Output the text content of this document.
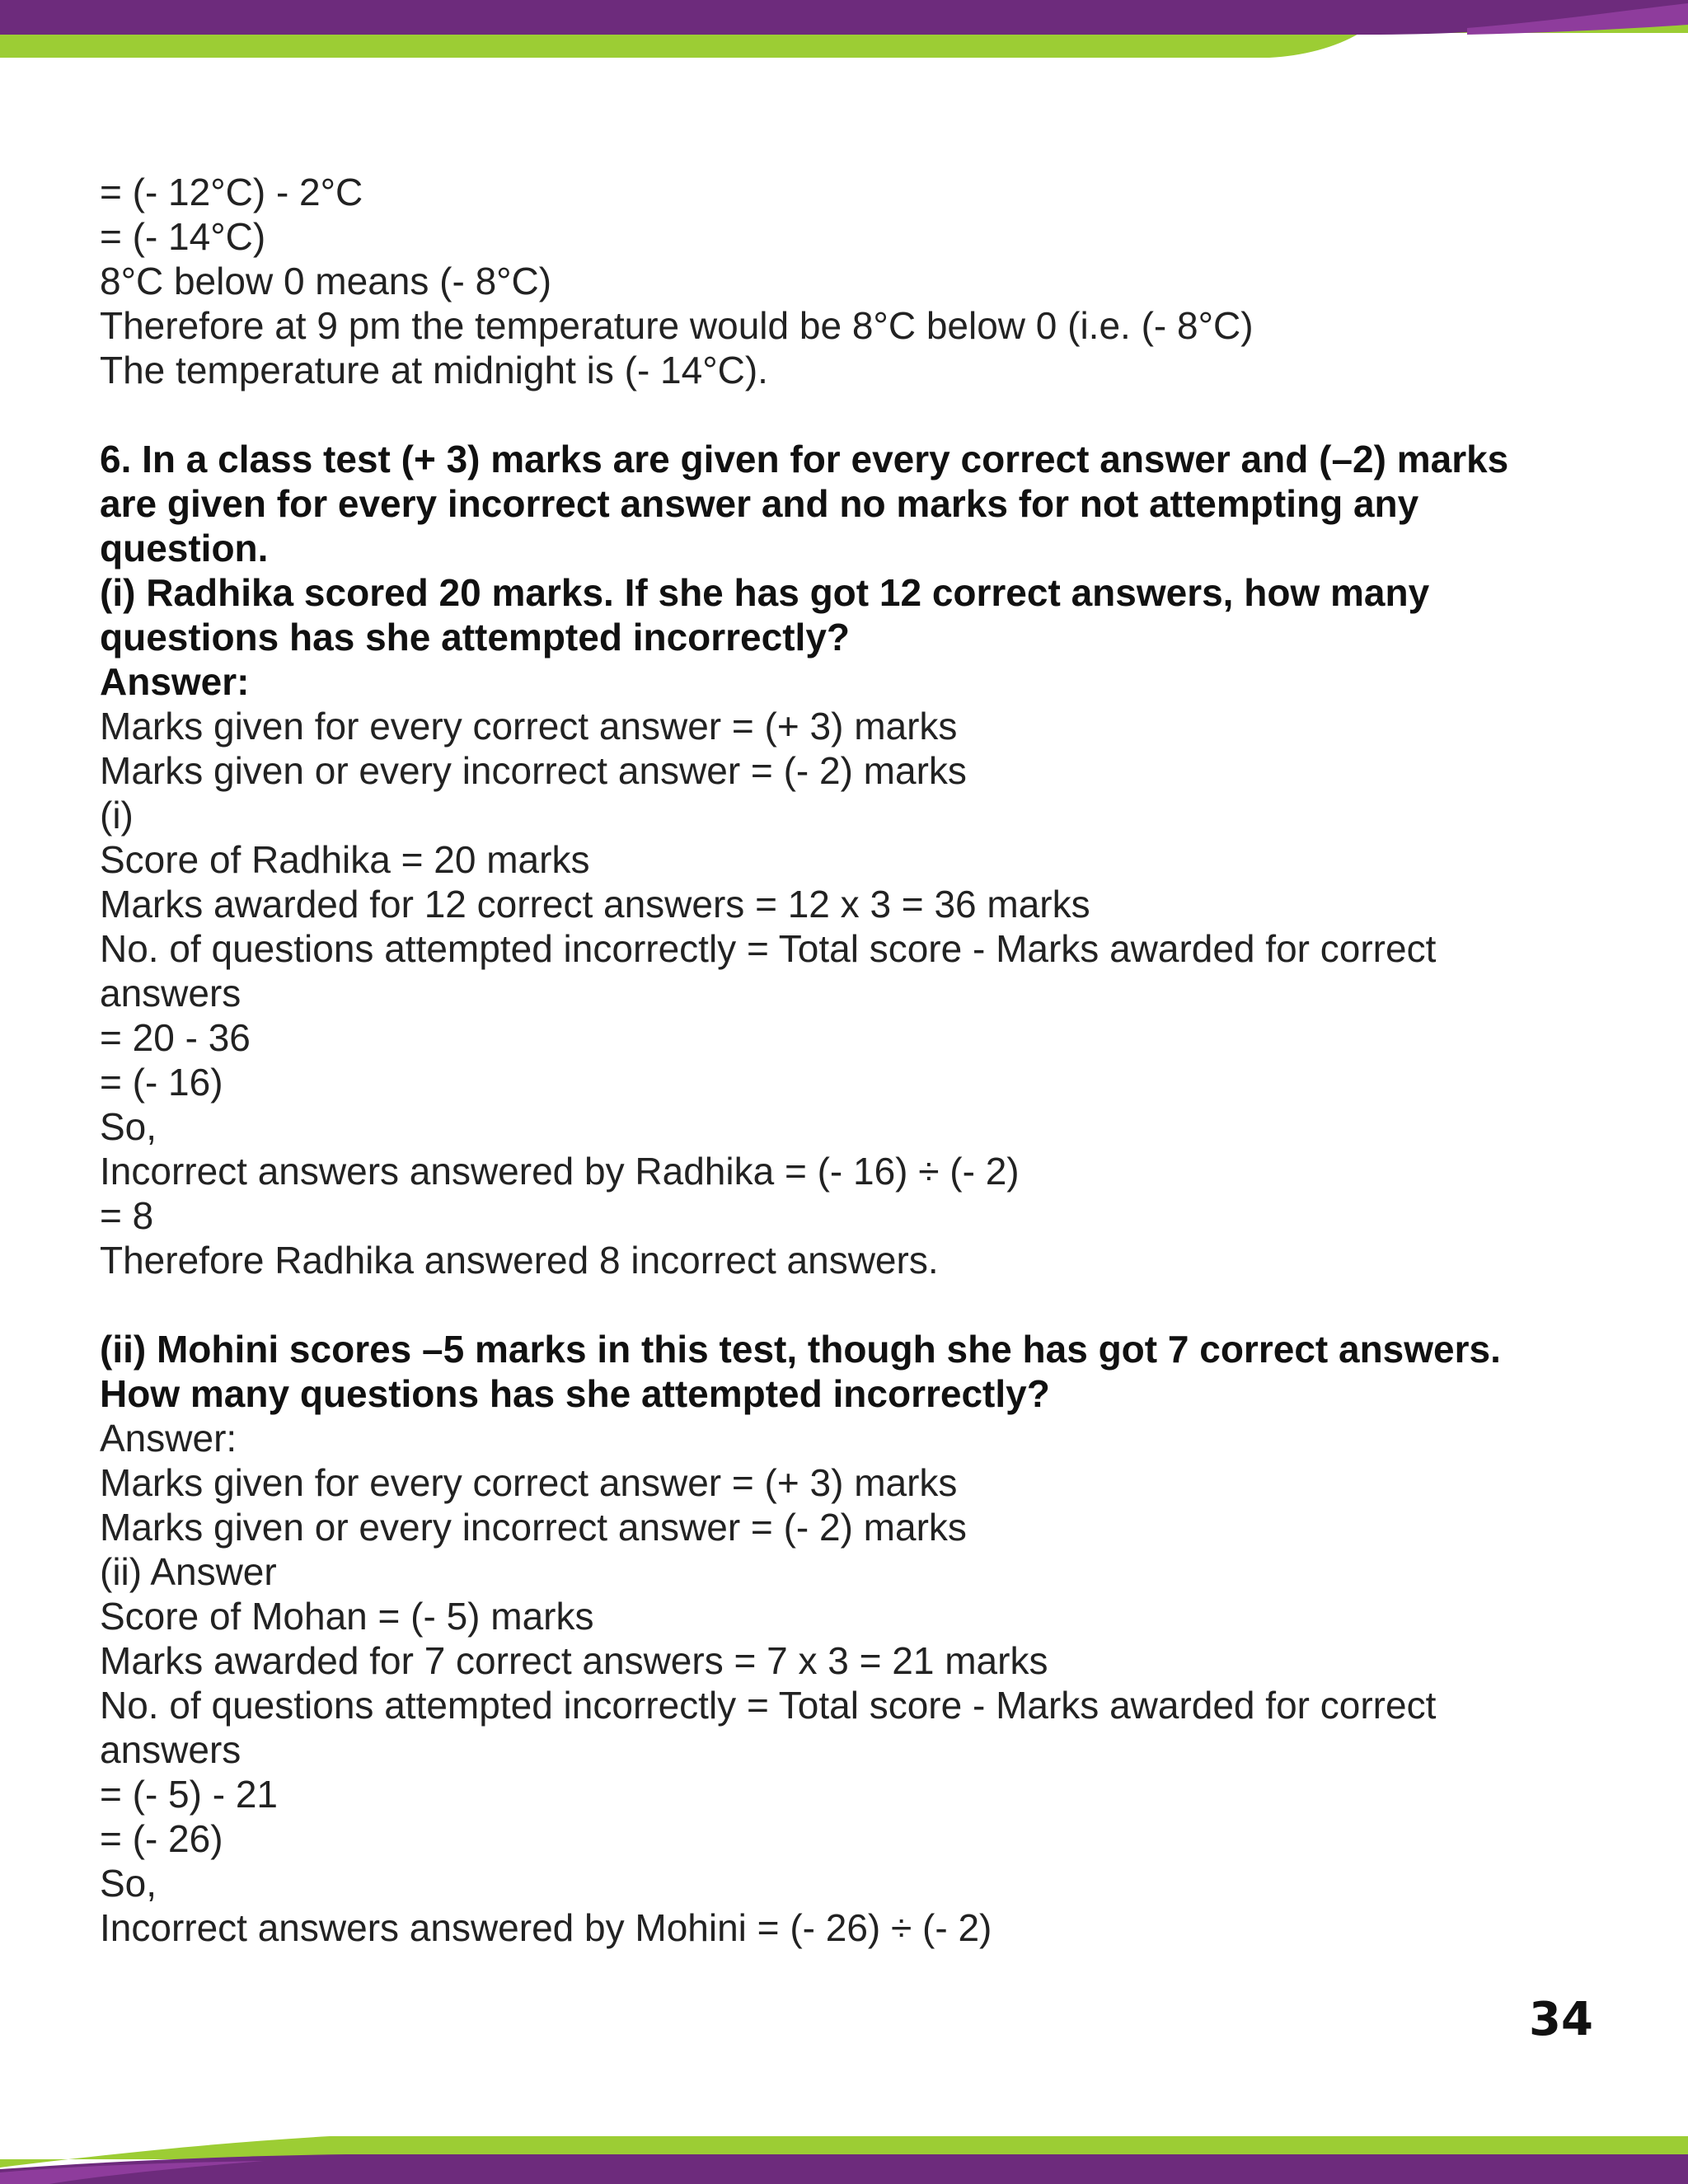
= (- 12°C) - 2°C
= (- 14°C)
8°C below 0 means (- 8°C)
Therefore at 9 pm the temperature would be 8°C below 0 (i.e. (- 8°C)
The temperature at midnight is (- 14°C).
6. In a class test (+ 3) marks are given for every correct answer and (–2) marks
are given for every incorrect answer and no marks for not attempting any
question.
(i) Radhika scored 20 marks. If she has got 12 correct answers, how many
questions has she attempted incorrectly?
Answer:
Marks given for every correct answer = (+ 3) marks
Marks given or every incorrect answer = (- 2) marks
(i)
Score of Radhika = 20 marks
Marks awarded for 12 correct answers = 12 x 3 = 36 marks
No. of questions attempted incorrectly = Total score - Marks awarded for correct
answers
= 20 - 36
= (- 16)
So,
Incorrect answers answered by Radhika = (- 16) ÷ (- 2)
= 8
Therefore Radhika answered 8 incorrect answers.
(ii) Mohini scores –5 marks in this test, though she has got 7 correct answers.
How many questions has she attempted incorrectly?
Answer:
Marks given for every correct answer = (+ 3) marks
Marks given or every incorrect answer = (- 2) marks
(ii) Answer
Score of Mohan = (- 5) marks
Marks awarded for 7 correct answers = 7 x 3 = 21 marks
No. of questions attempted incorrectly = Total score - Marks awarded for correct
answers
= (- 5) - 21
= (- 26)
So,
Incorrect answers answered by Mohini = (- 26) ÷ (- 2)
34
